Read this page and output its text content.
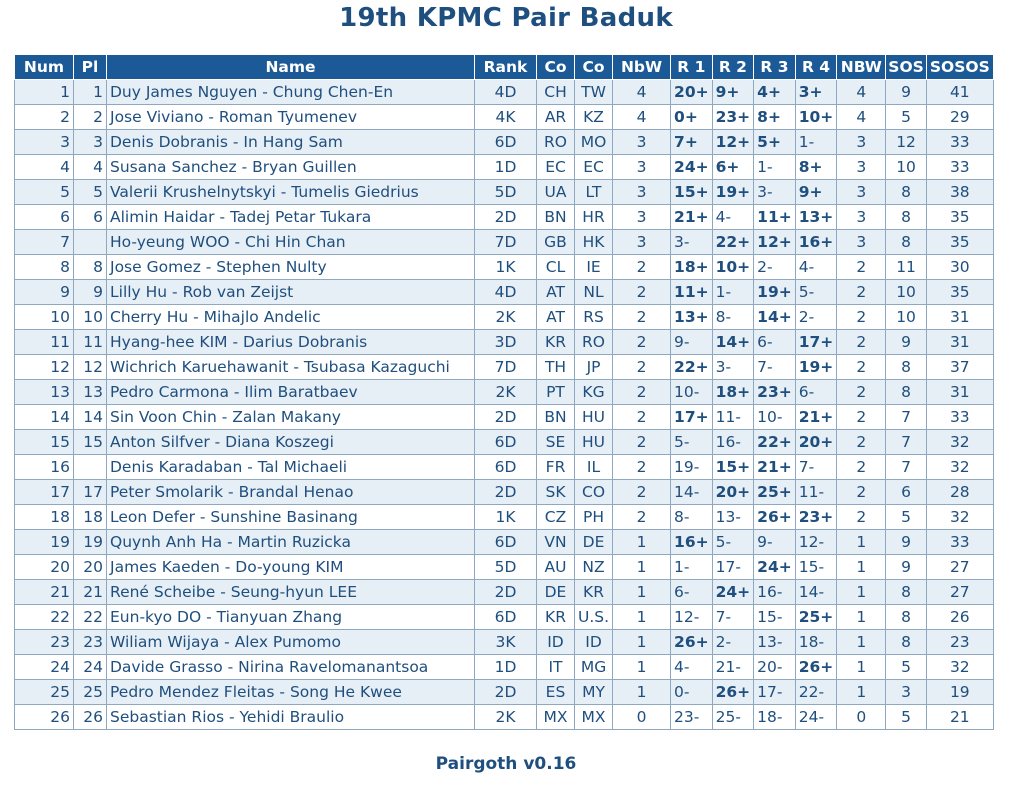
19th KPMC Pair Baduk
Num	Pl	Name	Rank	Co	Co	NbW	R 1	R 2	R 3	R 4	NBW	SOS	SOSOS
1	1	Duy James Nguyen - Chung Chen-En	4D	CH	TW	4	20+	9+	4+	3+	4	9	41
2	2	Jose Viviano - Roman Tyumenev	4K	AR	KZ	4	0+	23+	8+	10+	4	5	29
3	3	Denis Dobranis - In Hang Sam	6D	RO	MO	3	7+	12+	5+	1-	3	12	33
4	4	Susana Sanchez - Bryan Guillen	1D	EC	EC	3	24+	6+	1-	8+	3	10	33
5	5	Valerii Krushelnytskyi - Tumelis Giedrius	5D	UA	LT	3	15+	19+	3-	9+	3	8	38
6	6	Alimin Haidar - Tadej Petar Tukara	2D	BN	HR	3	21+	4-	11+	13+	3	8	35
7		Ho-yeung WOO - Chi Hin Chan	7D	GB	HK	3	3-	22+	12+	16+	3	8	35
8	8	Jose Gomez - Stephen Nulty	1K	CL	IE	2	18+	10+	2-	4-	2	11	30
9	9	Lilly Hu - Rob van Zeijst	4D	AT	NL	2	11+	1-	19+	5-	2	10	35
10	10	Cherry Hu - Mihajlo Andelic	2K	AT	RS	2	13+	8-	14+	2-	2	10	31
11	11	Hyang-hee KIM - Darius Dobranis	3D	KR	RO	2	9-	14+	6-	17+	2	9	31
12	12	Wichrich Karuehawanit - Tsubasa Kazaguchi	7D	TH	JP	2	22+	3-	7-	19+	2	8	37
13	13	Pedro Carmona - Ilim Baratbaev	2K	PT	KG	2	10-	18+	23+	6-	2	8	31
14	14	Sin Voon Chin - Zalan Makany	2D	BN	HU	2	17+	11-	10-	21+	2	7	33
15	15	Anton Silfver - Diana Koszegi	6D	SE	HU	2	5-	16-	22+	20+	2	7	32
16		Denis Karadaban - Tal Michaeli	6D	FR	IL	2	19-	15+	21+	7-	2	7	32
17	17	Peter Smolarik - Brandal Henao	2D	SK	CO	2	14-	20+	25+	11-	2	6	28
18	18	Leon Defer - Sunshine Basinang	1K	CZ	PH	2	8-	13-	26+	23+	2	5	32
19	19	Quynh Anh Ha - Martin Ruzicka	6D	VN	DE	1	16+	5-	9-	12-	1	9	33
20	20	James Kaeden - Do-young KIM	5D	AU	NZ	1	1-	17-	24+	15-	1	9	27
21	21	René Scheibe - Seung-hyun LEE	2D	DE	KR	1	6-	24+	16-	14-	1	8	27
22	22	Eun-kyo DO - Tianyuan Zhang	6D	KR	U.S.	1	12-	7-	15-	25+	1	8	26
23	23	Wiliam Wijaya - Alex Pumomo	3K	ID	ID	1	26+	2-	13-	18-	1	8	23
24	24	Davide Grasso - Nirina Ravelomanantsoa	1D	IT	MG	1	4-	21-	20-	26+	1	5	32
25	25	Pedro Mendez Fleitas - Song He Kwee	2D	ES	MY	1	0-	26+	17-	22-	1	3	19
26	26	Sebastian Rios - Yehidi Braulio	2K	MX	MX	0	23-	25-	18-	24-	0	5	21
Pairgoth v0.16
